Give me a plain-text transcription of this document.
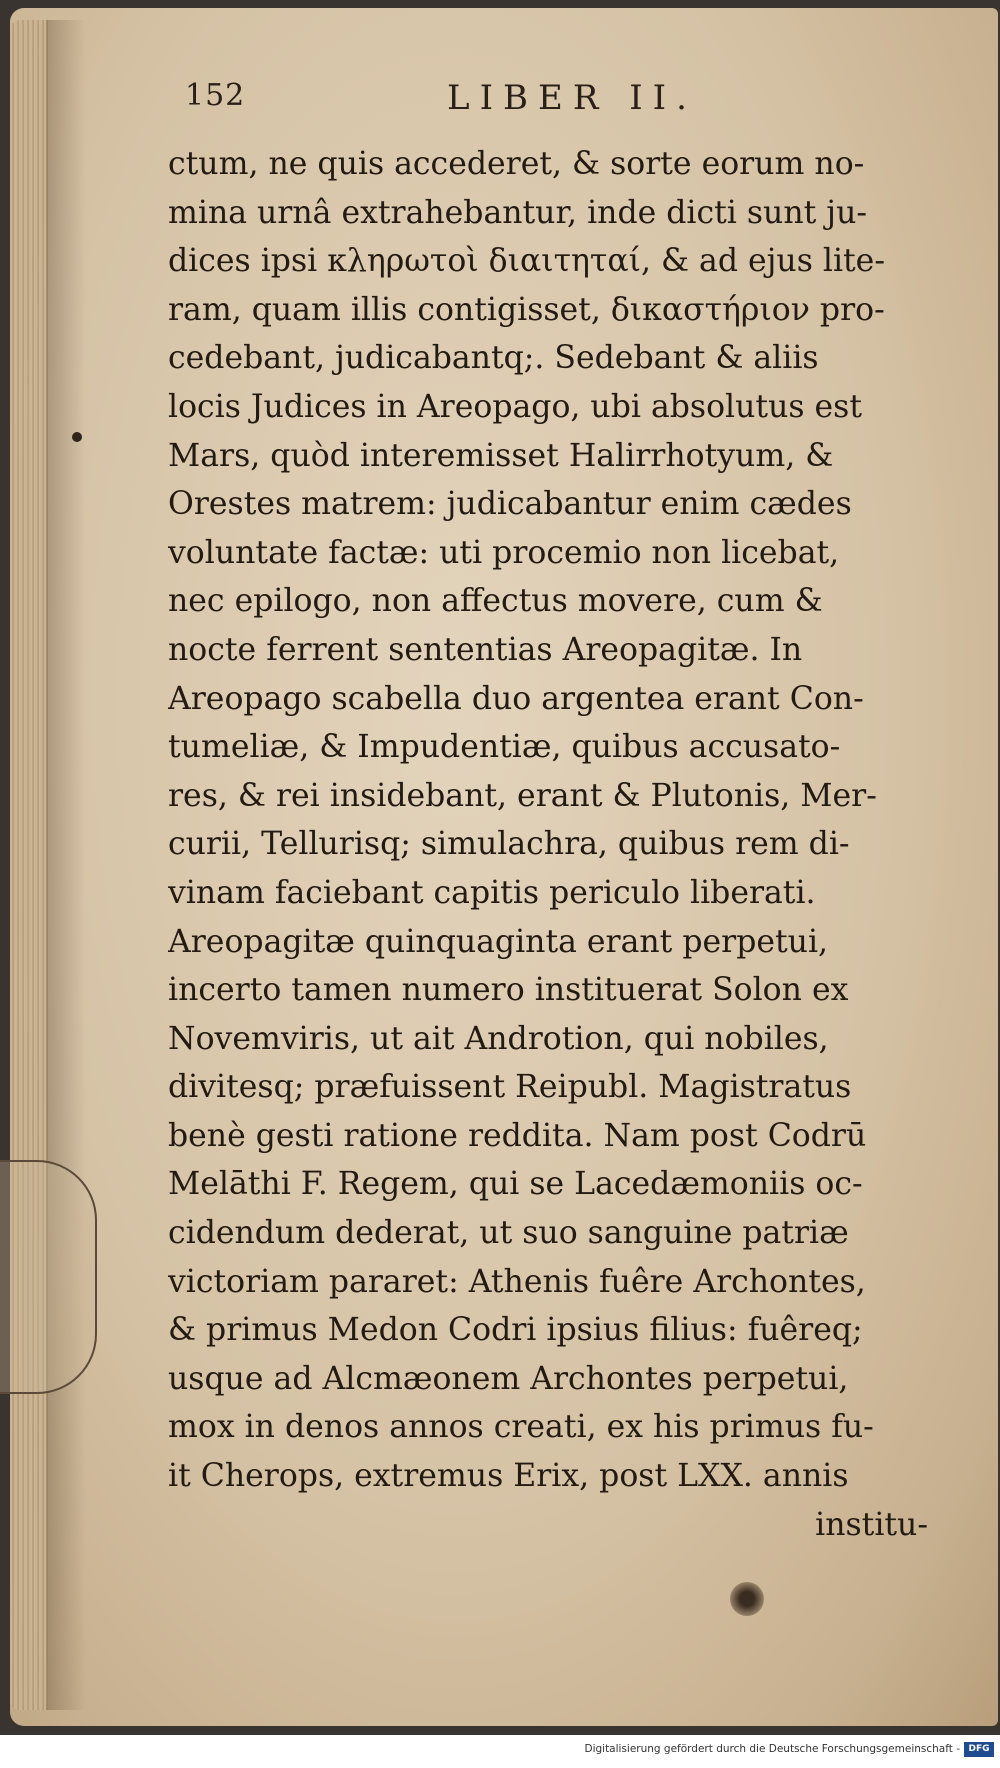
152	LIBER II.
ctum, ne quis accederet, & sorte eorum no-
mina urnâ extrahebantur, inde dicti sunt ju-
dices ipsi κληρωτοὶ διαιτηταί, & ad ejus lite-
ram, quam illis contigisset, δικαστήριον pro-
cedebant, judicabantq;. Sedebant & aliis
locis Judices in Areopago, ubi absolutus est
Mars, quòd interemisset Halirrhotyum, &
Orestes matrem: judicabantur enim cædes
voluntate factæ: uti procemio non licebat,
nec epilogo, non affectus movere, cum &
nocte ferrent sententias Areopagitæ. In
Areopago scabella duo argentea erant Con-
tumeliæ, & Impudentiæ, quibus accusato-
res, & rei insidebant, erant & Plutonis, Mer-
curii, Tellurisq; simulachra, quibus rem di-
vinam faciebant capitis periculo liberati.
Areopagitæ quinquaginta erant perpetui,
incerto tamen numero instituerat Solon ex
Novemviris, ut ait Androtion, qui nobiles,
divitesq; præfuissent Reipubl. Magistratus
benè gesti ratione reddita. Nam post Codrū
Melāthi F. Regem, qui se Lacedæmoniis oc-
cidendum dederat, ut suo sanguine patriæ
victoriam pararet: Athenis fuêre Archontes,
& primus Medon Codri ipsius filius: fuêreq;
usque ad Alcmæonem Archontes perpetui,
mox in denos annos creati, ex his primus fu-
it Cherops, extremus Erix, post LXX. annis
institu-
Digitalisierung gefördert durch die Deutsche Forschungsgemeinschaft - DFG
